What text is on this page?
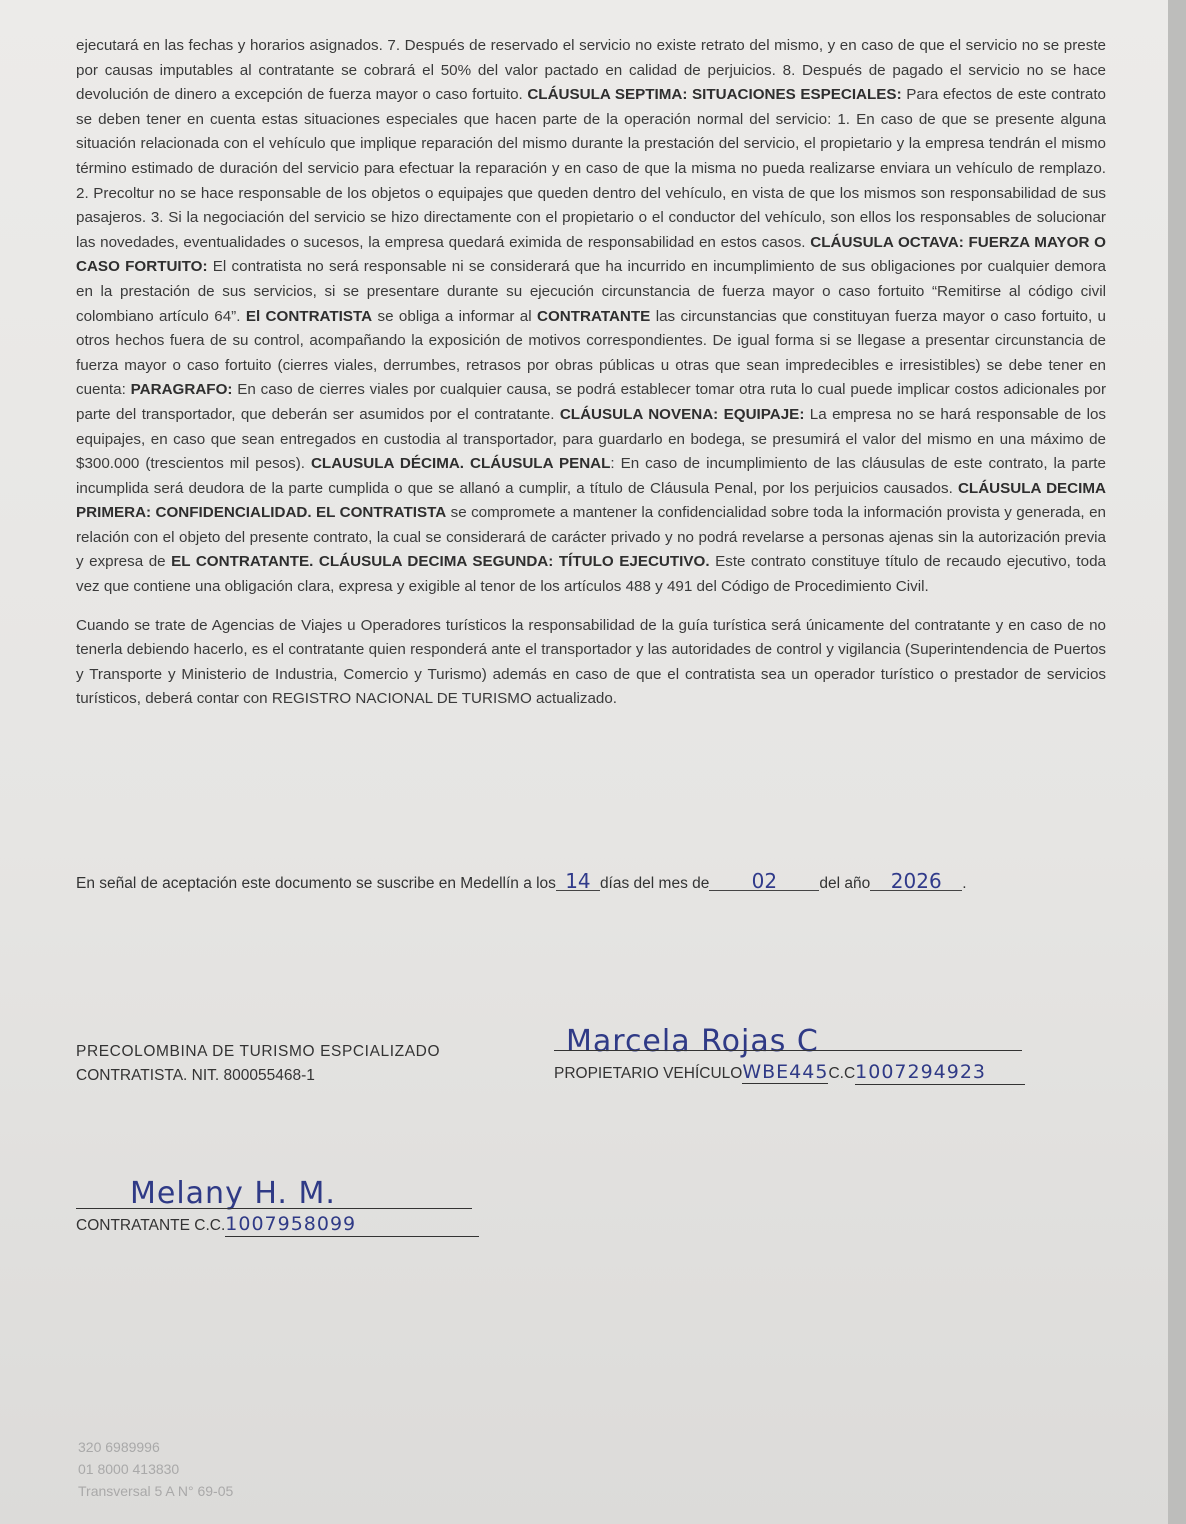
ejecutará en las fechas y horarios asignados. 7. Después de reservado el servicio no existe retrato del mismo, y en caso de que el servicio no se preste por causas imputables al contratante se cobrará el 50% del valor pactado en calidad de perjuicios. 8. Después de pagado el servicio no se hace devolución de dinero a excepción de fuerza mayor o caso fortuito. CLÁUSULA SEPTIMA: SITUACIONES ESPECIALES: Para efectos de este contrato se deben tener en cuenta estas situaciones especiales que hacen parte de la operación normal del servicio: 1. En caso de que se presente alguna situación relacionada con el vehículo que implique reparación del mismo durante la prestación del servicio, el propietario y la empresa tendrán el mismo término estimado de duración del servicio para efectuar la reparación y en caso de que la misma no pueda realizarse enviara un vehículo de remplazo. 2. Precoltur no se hace responsable de los objetos o equipajes que queden dentro del vehículo, en vista de que los mismos son responsabilidad de sus pasajeros. 3. Si la negociación del servicio se hizo directamente con el propietario o el conductor del vehículo, son ellos los responsables de solucionar las novedades, eventualidades o sucesos, la empresa quedará eximida de responsabilidad en estos casos. CLÁUSULA OCTAVA: FUERZA MAYOR O CASO FORTUITO: El contratista no será responsable ni se considerará que ha incurrido en incumplimiento de sus obligaciones por cualquier demora en la prestación de sus servicios, si se presentare durante su ejecución circunstancia de fuerza mayor o caso fortuito “Remitirse al código civil colombiano artículo 64”. El CONTRATISTA se obliga a informar al CONTRATANTE las circunstancias que constituyan fuerza mayor o caso fortuito, u otros hechos fuera de su control, acompañando la exposición de motivos correspondientes. De igual forma si se llegase a presentar circunstancia de fuerza mayor o caso fortuito (cierres viales, derrumbes, retrasos por obras públicas u otras que sean impredecibles e irresistibles) se debe tener en cuenta: PARAGRAFO: En caso de cierres viales por cualquier causa, se podrá establecer tomar otra ruta lo cual puede implicar costos adicionales por parte del transportador, que deberán ser asumidos por el contratante. CLÁUSULA NOVENA: EQUIPAJE: La empresa no se hará responsable de los equipajes, en caso que sean entregados en custodia al transportador, para guardarlo en bodega, se presumirá el valor del mismo en una máximo de $300.000 (trescientos mil pesos). CLAUSULA DÉCIMA. CLÁUSULA PENAL: En caso de incumplimiento de las cláusulas de este contrato, la parte incumplida será deudora de la parte cumplida o que se allanó a cumplir, a título de Cláusula Penal, por los perjuicios causados. CLÁUSULA DECIMA PRIMERA: CONFIDENCIALIDAD. EL CONTRATISTA se compromete a mantener la confidencialidad sobre toda la información provista y generada, en relación con el objeto del presente contrato, la cual se considerará de carácter privado y no podrá revelarse a personas ajenas sin la autorización previa y expresa de EL CONTRATANTE. CLÁUSULA DECIMA SEGUNDA: TÍTULO EJECUTIVO. Este contrato constituye título de recaudo ejecutivo, toda vez que contiene una obligación clara, expresa y exigible al tenor de los artículos 488 y 491 del Código de Procedimiento Civil.

Cuando se trate de Agencias de Viajes u Operadores turísticos la responsabilidad de la guía turística será únicamente del contratante y en caso de no tenerla debiendo hacerlo, es el contratante quien responderá ante el transportador y las autoridades de control y vigilancia (Superintendencia de Puertos y Transporte y Ministerio de Industria, Comercio y Turismo) además en caso de que el contratista sea un operador turístico o prestador de servicios turísticos, deberá contar con REGISTRO NACIONAL DE TURISMO actualizado.

En señal de aceptación este documento se suscribe en Medellín a los 14 días del mes de 02	del año 2026 .
PRECOLOMBINA DE TURISMO ESPCIALIZADO
CONTRATISTA. NIT. 800055468-1
Marcela Rojas C
PROPIETARIO VEHÍCULOWBE445C.C1007294923
Melany H. M.
CONTRATANTE C.C.1007958099
320 6989996
01 8000 413830
Transversal 5 A N° 69-05
